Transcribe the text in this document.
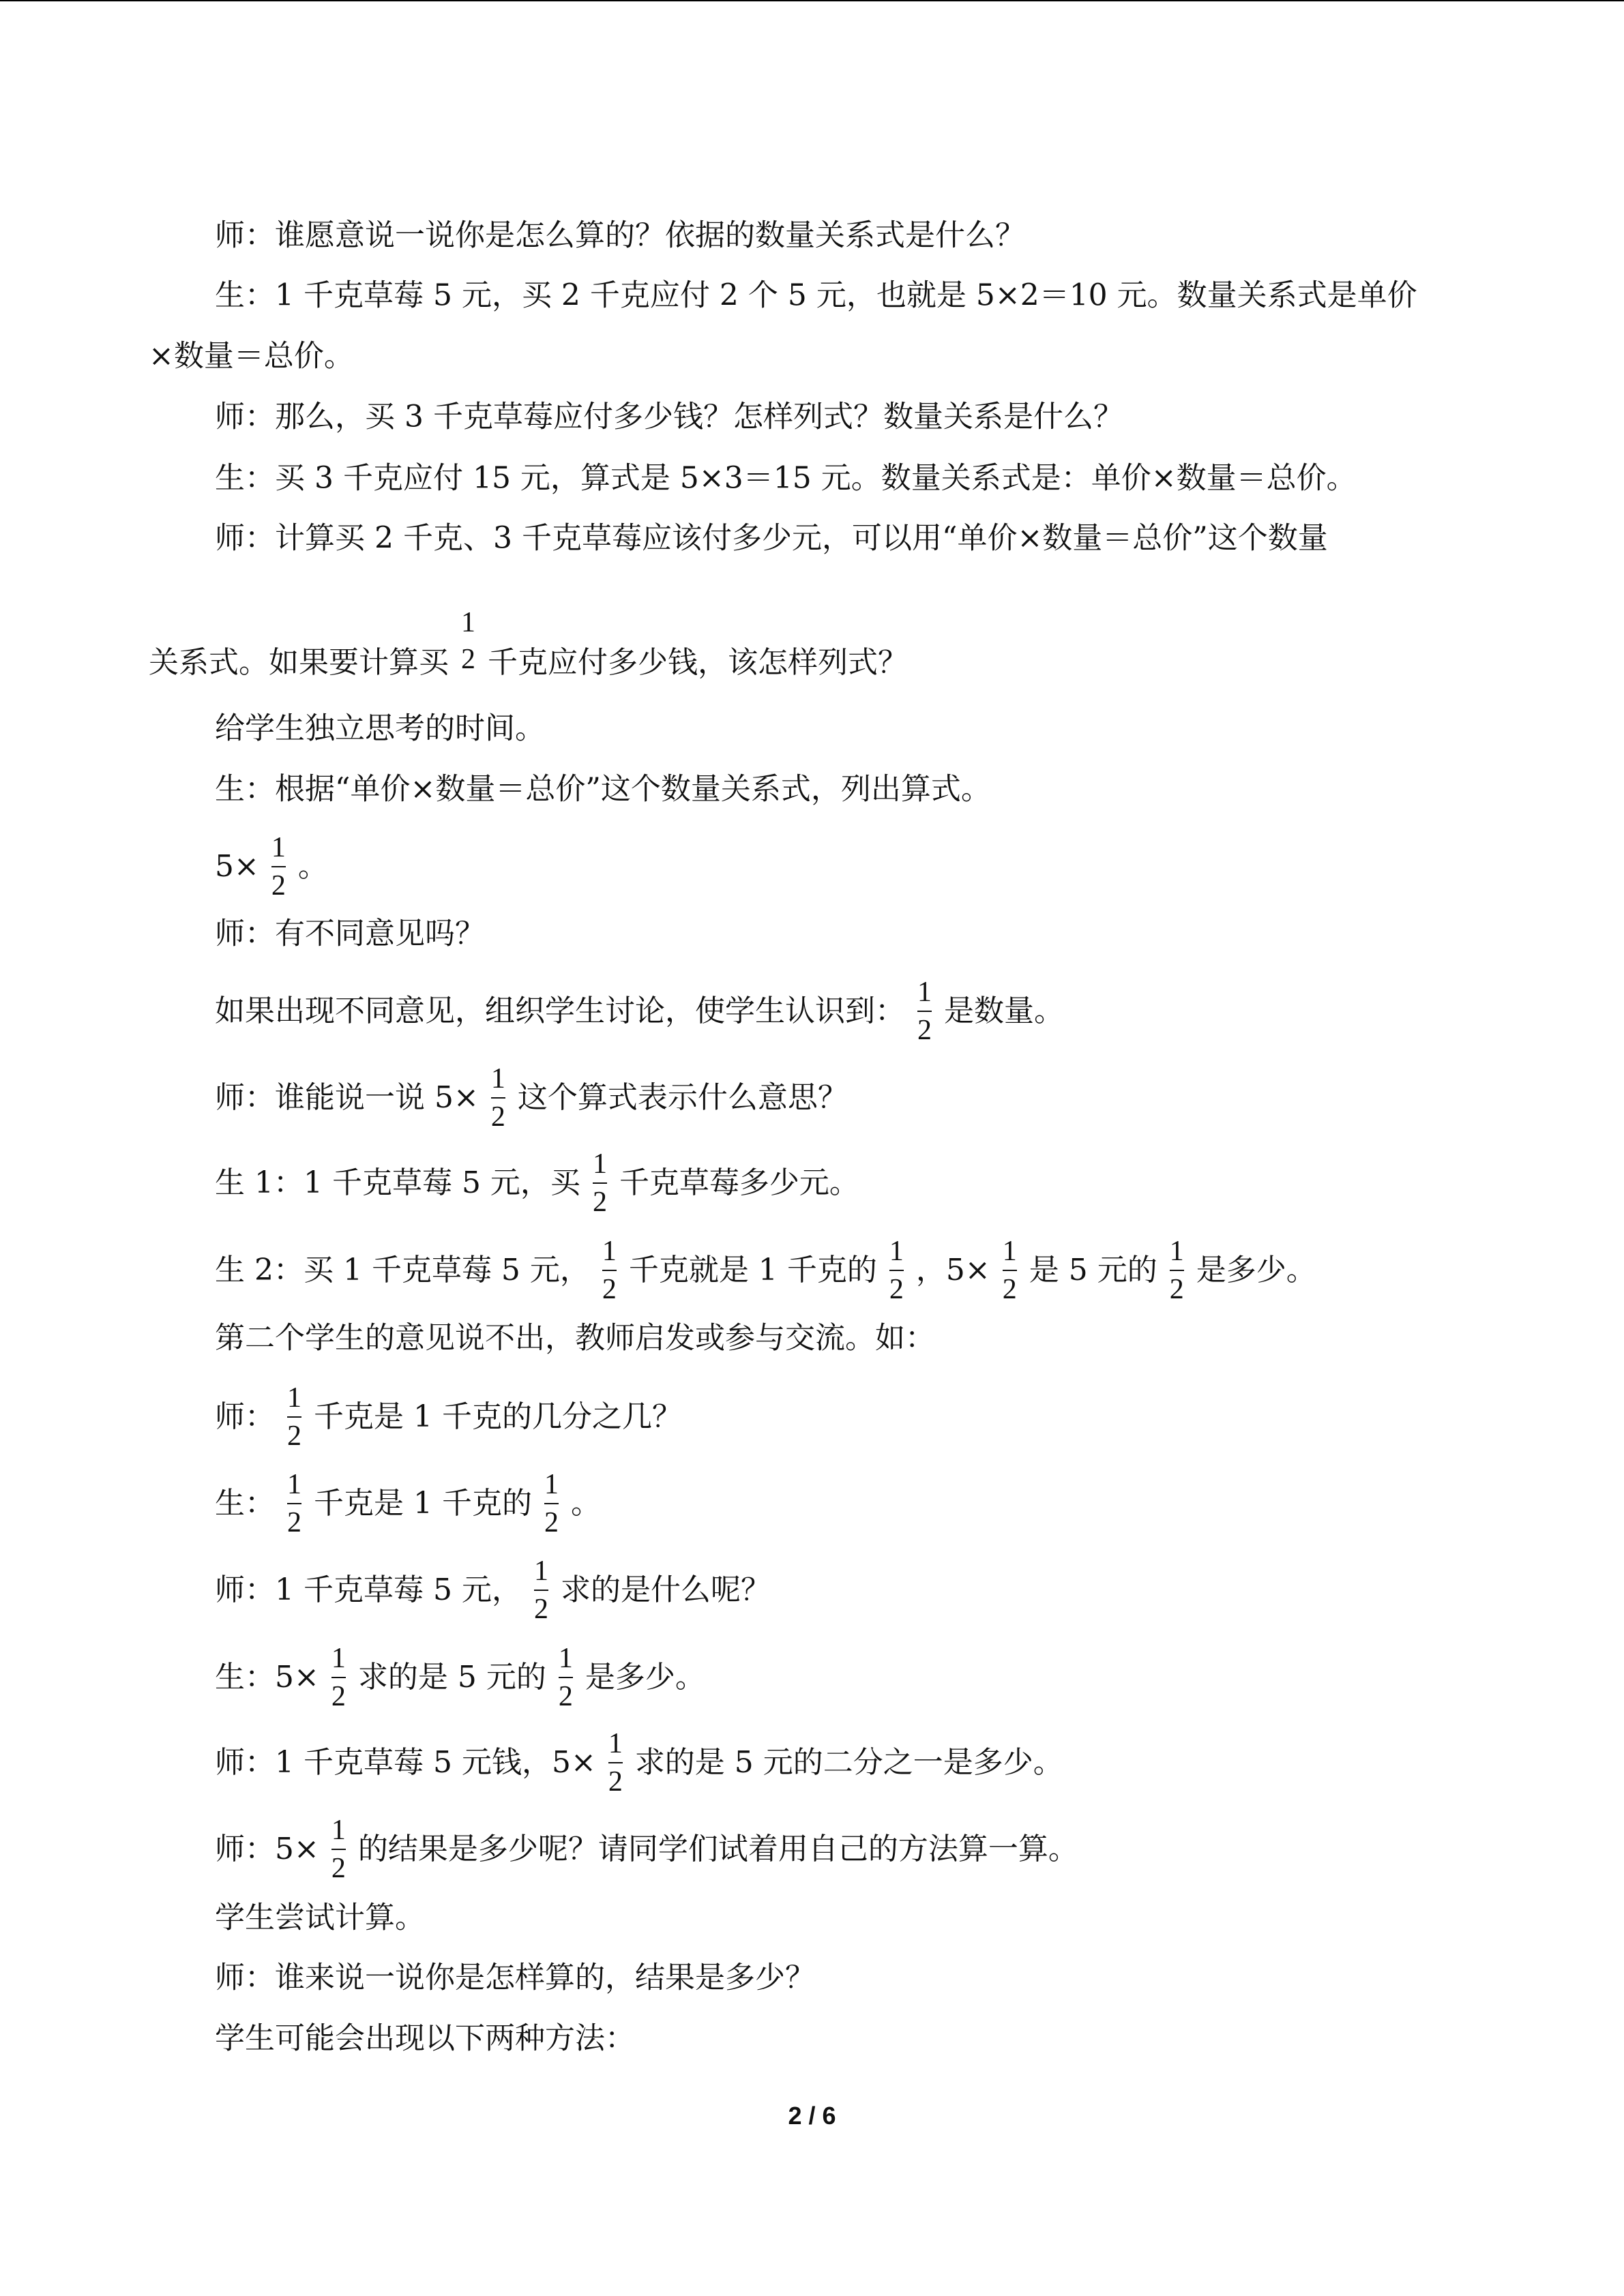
师：谁愿意说一说你是怎么算的？依据的数量关系式是什么？
生：1 千克草莓 5 元，买 2 千克应付 2 个 5 元，也就是 5×2＝10 元。数量关系式是单价
×数量＝总价。
师：那么，买 3 千克草莓应付多少钱？怎样列式？数量关系是什么？
生：买 3 千克应付 15 元，算式是 5×3＝15 元。数量关系式是：单价×数量＝总价。
师：计算买 2 千克、3 千克草莓应该付多少元，可以用“单价×数量＝总价”这个数量
关系式。如果要计算买
1
2 千克应付多少钱，该怎样列式？
给学生独立思考的时间。
生：根据“单价×数量＝总价”这个数量关系式，列出算式。
$5\times \frac{1}{2}$ 。
师：有不同意见吗？
如果出现不同意见，组织学生讨论，使学生认识到： $\frac{1}{2}$ 是数量。
师：谁能说一说 $5\times \frac{1}{2}$ 这个算式表示什么意思？
生 1：1 千克草莓 5 元，买 $\frac{1}{2}$ 千克草莓多少元。
生 2：买 1 千克草莓 5 元， $\frac{1}{2}$ 千克就是 1 千克的 $\frac{1}{2}$ ，$5\times \frac{1}{2}$ 是 5 元的 $\frac{1}{2}$ 是多少。
第二个学生的意见说不出，教师启发或参与交流。如：
师： $\frac{1}{2}$ 千克是 1 千克的几分之几？
生： $\frac{1}{2}$ 千克是 1 千克的 $\frac{1}{2}$ 。
师：1 千克草莓 5 元， $\frac{1}{2}$ 求的是什么呢？
生：$5\times \frac{1}{2}$ 求的是 5 元的 $\frac{1}{2}$ 是多少。
师：1 千克草莓 5 元钱，$5\times \frac{1}{2}$ 求的是 5 元的二分之一是多少。
师：$5\times \frac{1}{2}$ 的结果是多少呢？请同学们试着用自己的方法算一算。
学生尝试计算。
师：谁来说一说你是怎样算的，结果是多少？
学生可能会出现以下两种方法：
2 / 6
